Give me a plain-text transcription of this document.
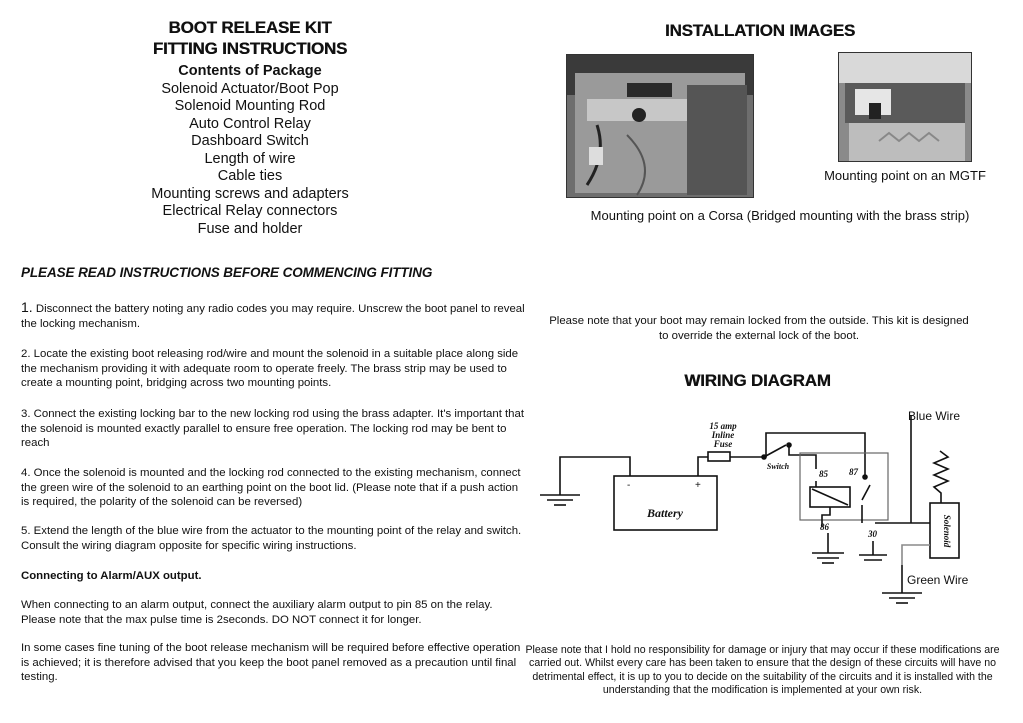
BOOT RELEASE KIT
FITTING INSTRUCTIONS
Contents of Package
Solenoid Actuator/Boot Pop
Solenoid Mounting Rod
Auto Control Relay
Dashboard Switch
Length of wire
Cable ties
Mounting screws and adapters
Electrical Relay connectors
Fuse and holder
INSTALLATION IMAGES
Mounting point on an MGTF
Mounting point on a Corsa (Bridged mounting with the brass strip)
PLEASE READ INSTRUCTIONS BEFORE COMMENCING FITTING
1. Disconnect the battery noting any radio codes you may require. Unscrew the boot panel to reveal the locking mechanism.
2. Locate the existing boot releasing rod/wire and mount the solenoid in a suitable place along side the mechanism providing it with adequate room to operate freely. The brass strip may be used to create a mounting point, bridging across two mounting points.
3. Connect the existing locking bar to the new locking rod using the brass adapter. It's important that the solenoid is mounted exactly parallel to ensure free operation. The locking rod may be bent to reach
4. Once the solenoid is mounted and the locking rod connected to the existing mechanism, connect the green wire of the solenoid to an earthing point on the boot lid. (Please note that if a push action is required, the polarity of the solenoid can be reversed)
5. Extend the length of the blue wire from the actuator to the mounting point of the relay and switch. Consult the wiring diagram opposite for specific wiring instructions.
Connecting to Alarm/AUX output.
When connecting to an alarm output, connect the auxiliary alarm output to pin 85 on the relay. Please note that the max pulse time is 2seconds. DO NOT connect it for longer.
In some cases fine tuning of the boot release mechanism will be required before effective operation is achieved; it is therefore advised that you keep the boot panel removed as a precaution until final testing.
Please note that your boot may remain locked from the outside. This kit is designed to override the external lock of the boot.
WIRING DIAGRAM
Battery
-	+
15 amp
Inline
Fuse
Switch
85 87
86
30	Solenoid
Blue Wire
Green Wire
Please note that I hold no responsibility for damage or injury that may occur if these modifications are carried out. Whilst every care has been taken to ensure that the design of these circuits will have no detrimental effect, it is up to you to decide on the suitability of the circuits and it is installed with the understanding that the modification is implemented at your own risk.
